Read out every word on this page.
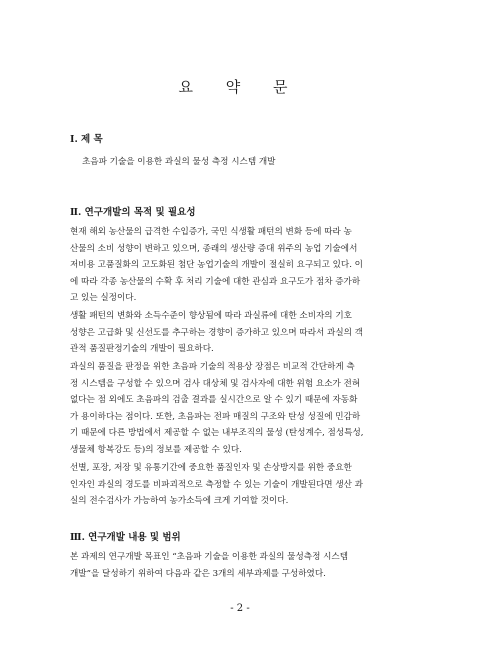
요 약 문
Ⅰ. 제 목
초음파 기술을 이용한 과실의 물성 측정 시스템 개발
Ⅱ. 연구개발의 목적 및 필요성
현재 해외 농산물의 급격한 수입증가, 국민 식생활 패턴의 변화 등에 따라 농
산물의 소비 성향이 변하고 있으며, 종래의 생산량 증대 위주의 농업 기술에서
저비용 고품질화의 고도화된 첨단 농업기술의 개발이 절실히 요구되고 있다. 이
에 따라 각종 농산물의 수확 후 처리 기술에 대한 관심과 요구도가 점차 증가하
고 있는 실정이다.
생활 패턴의 변화와 소득수준이 향상됨에 따라 과실류에 대한 소비자의 기호
성향은 고급화 및 신선도를 추구하는 경향이 증가하고 있으며 따라서 과실의 객
관적 품질판정기술의 개발이 필요하다.
과실의 품질을 판정을 위한 초음파 기술의 적용상 장점은 비교적 간단하게 측
정 시스템을 구성할 수 있으며 검사 대상체 및 검사자에 대한 위험 요소가 전혀
없다는 점 외에도 초음파의 검출 결과를 실시간으로 알 수 있기 때문에 자동화
가 용이하다는 점이다. 또한, 초음파는 전파 매질의 구조와 탄성 성질에 민감하
기 때문에 다른 방법에서 제공할 수 없는 내부조직의 물성 (탄성계수, 점성특성,
생물체 항복강도 등)의 정보를 제공할 수 있다.
선별, 포장, 저장 및 유통기간에 중요한 품질인자 및 손상방지를 위한 중요한
인자인 과실의 경도를 비파괴적으로 측정할 수 있는 기술이 개발된다면 생산 과
실의 전수검사가 가능하여 농가소득에 크게 기여할 것이다.
Ⅲ. 연구개발 내용 및 범위
본 과제의 연구개발 목표인 “초음파 기술을 이용한 과실의 물성측정 시스템
개발”을 달성하기 위하여 다음과 같은 3개의 세부과제를 구성하였다.
- 2 -
